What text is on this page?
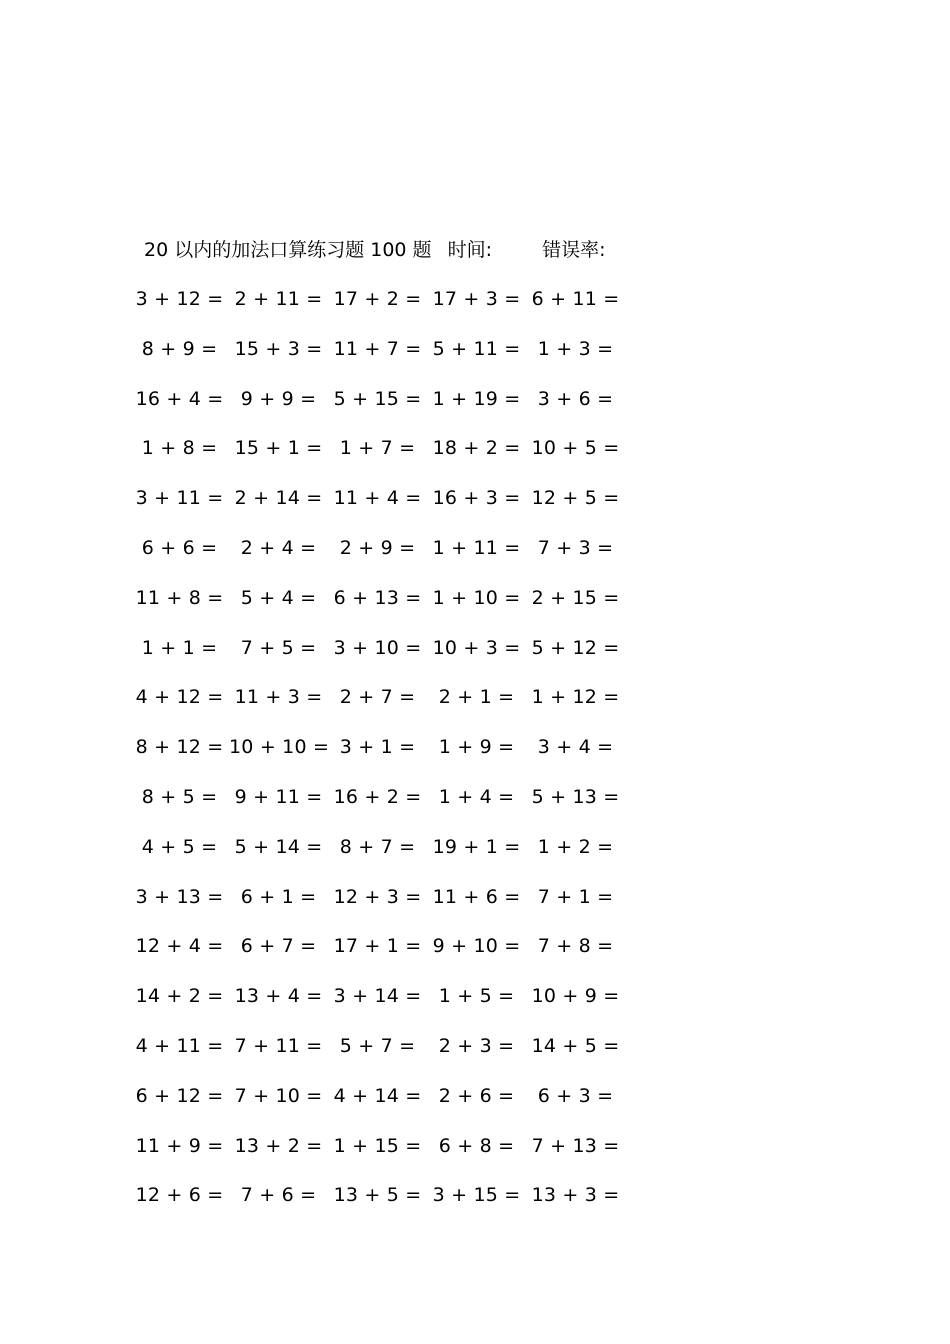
20 以内的加法口算练习题 100 题 时间:	错误率:
3 + 12 = 2 + 11 = 17 + 2 = 17 + 3 = 6 + 11 =
8 + 9 = 15 + 3 = 11 + 7 = 5 + 11 = 1 + 3 =
16 + 4 = 9 + 9 = 5 + 15 = 1 + 19 = 3 + 6 =
1 + 8 = 15 + 1 = 1 + 7 = 18 + 2 = 10 + 5 =
3 + 11 = 2 + 14 = 11 + 4 = 16 + 3 = 12 + 5 =
6 + 6 =	2 + 4 =	2 + 9 = 1 + 11 = 7 + 3 =
11 + 8 = 5 + 4 = 6 + 13 = 1 + 10 = 2 + 15 =
1 + 1 =	7 + 5 = 3 + 10 = 10 + 3 = 5 + 12 =
4 + 12 = 11 + 3 = 2 + 7 =	2 + 1 = 1 + 12 =
8 + 12 = 10 + 10 = 3 + 1 =	1 + 9 =	3 + 4 =
8 + 5 = 9 + 11 = 16 + 2 = 1 + 4 = 5 + 13 =
4 + 5 = 5 + 14 = 8 + 7 = 19 + 1 = 1 + 2 =
3 + 13 = 6 + 1 = 12 + 3 = 11 + 6 = 7 + 1 =
12 + 4 = 6 + 7 = 17 + 1 = 9 + 10 = 7 + 8 =
14 + 2 = 13 + 4 = 3 + 14 = 1 + 5 = 10 + 9 =
4 + 11 = 7 + 11 = 5 + 7 =	2 + 3 = 14 + 5 =
6 + 12 = 7 + 10 = 4 + 14 = 2 + 6 =	6 + 3 =
11 + 9 = 13 + 2 = 1 + 15 = 6 + 8 = 7 + 13 =
12 + 6 = 7 + 6 = 13 + 5 = 3 + 15 = 13 + 3 =
